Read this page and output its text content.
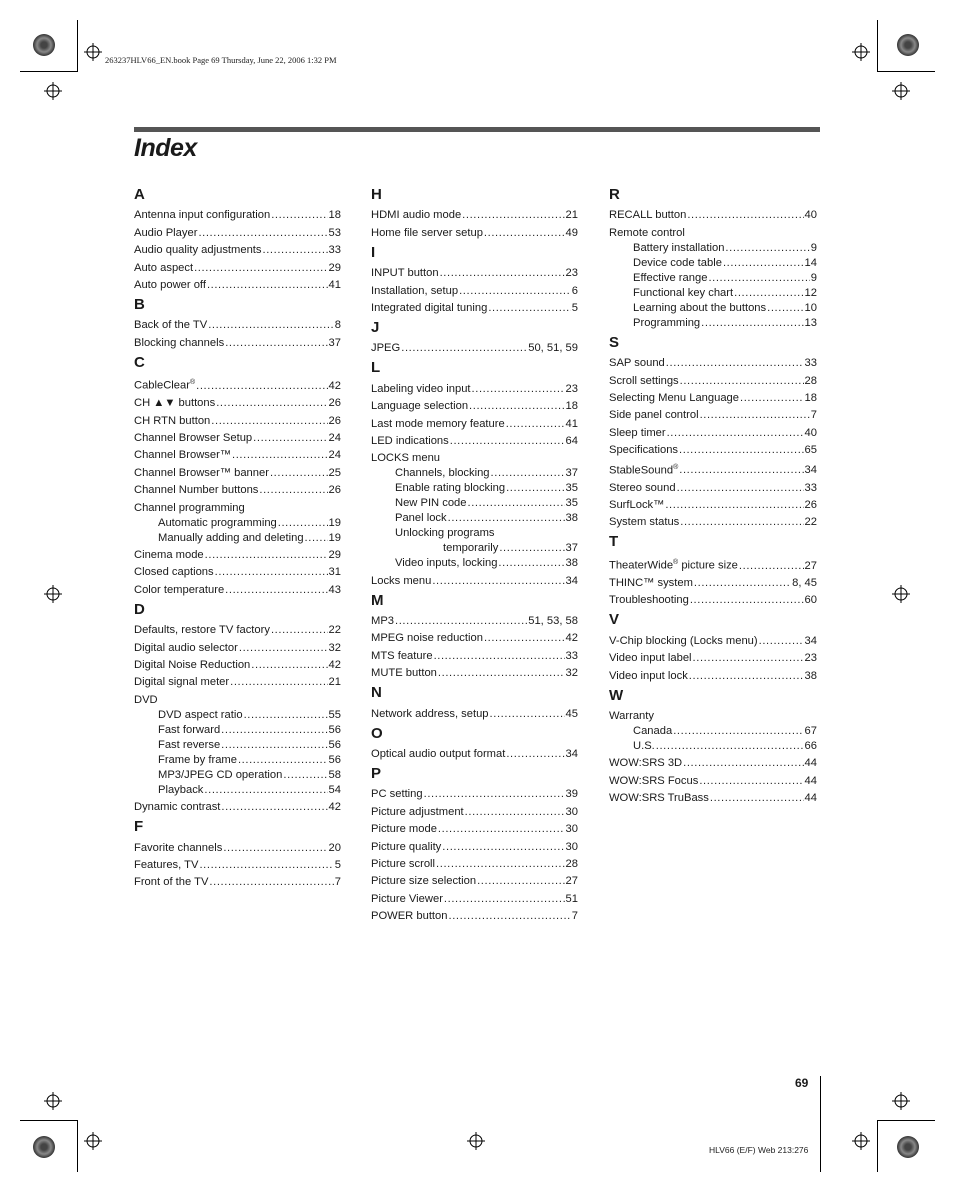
263237HLV66_EN.book Page 69 Thursday, June 22, 2006 1:32 PM
Index
A
Antenna input configuration .....	18
Audio Player .....	53
Audio quality adjustments .....	33
Auto aspect .....	29
Auto power off .....	41
B
Back of the TV .....	8
Blocking channels .....	37
C
CableClear® .....	42
CH ▲▼ buttons .....	26
CH RTN button .....	26
Channel Browser Setup .....	24
Channel Browser™ .....	24
Channel Browser™ banner .....	25
Channel Number buttons .....	26
Channel programming
Automatic programming .....	19
Manually adding and deleting ..... 19
Cinema mode .....	29
Closed captions .....	31
Color temperature .....	43
D
Defaults, restore TV factory .....	22
Digital audio selector .....	32
Digital Noise Reduction .....	42
Digital signal meter .....	21
DVD
DVD aspect ratio .....	55
Fast forward .....	56
Fast reverse .....	56
Frame by frame .....	56
MP3/JPEG CD operation .....	58
Playback .....	54
Dynamic contrast .....	42
F
Favorite channels .....	20
Features, TV .....	5
Front of the TV .....	7
H
HDMI audio mode .....	21
Home file server setup .....	49
I
INPUT button .....	23
Installation, setup .....	6
Integrated digital tuning .....	5
J
JPEG .....	50, 51, 59
L
Labeling video input .....	23
Language selection .....	18
Last mode memory feature .....	41
LED indications .....	64
LOCKS menu
Channels, blocking .....	37
Enable rating blocking .....	35
New PIN code .....	35
Panel lock .....	38
Unlocking programs
temporarily .....	37
Video inputs, locking .....	38
Locks menu .....	34
M
MP3 .....	51, 53, 58
MPEG noise reduction .....	42
MTS feature .....	33
MUTE button .....	32
N
Network address, setup .....	45
O
Optical audio output format .....	34
P
PC setting .....	39
Picture adjustment .....	30
Picture mode .....	30
Picture quality .....	30
Picture scroll .....	28
Picture size selection .....	27
Picture Viewer .....	51
POWER button .....	7
R
RECALL button .....	40
Remote control
Battery installation .....	9
Device code table .....	14
Effective range .....	9
Functional key chart .....	12
Learning about the buttons .....	10
Programming .....	13
S
SAP sound .....	33
Scroll settings .....	28
Selecting Menu Language .....	18
Side panel control .....	7
Sleep timer .....	40
Specifications .....	65
StableSound® .....	34
Stereo sound .....	33
SurfLock™ .....	26
System status .....	22
T
TheaterWide® picture size .....	27
THINC™ system .....	8, 45
Troubleshooting .....	60
V
V-Chip blocking (Locks menu) .....	34
Video input label .....	23
Video input lock .....	38
W
Warranty
Canada .....	67
U.S. .....	66
WOW:SRS 3D .....	44
WOW:SRS Focus .....	44
WOW:SRS TruBass .....	44
69
HLV66 (E/F) Web 213:276
